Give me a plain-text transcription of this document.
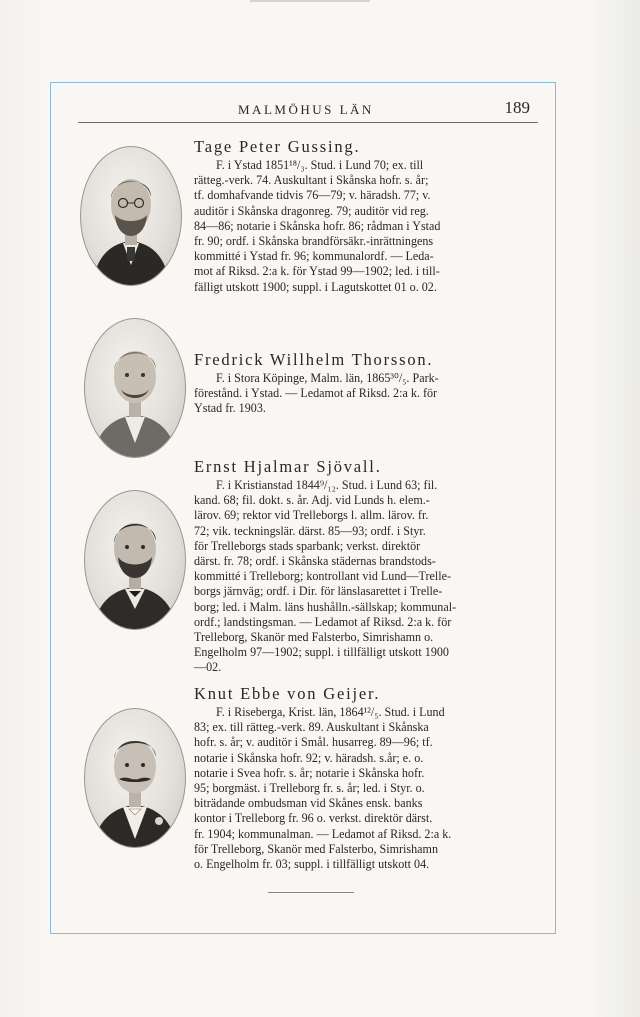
MALMÖHUS LÄN	189
Tage Peter Gussing.
F. i Ystad 1851¹⁸/₃. Stud. i Lund 70; ex. till
rätteg.-verk. 74. Auskultant i Skånska hofr. s. år;
tf. domhafvande tidvis 76—79; v. häradsh. 77; v.
auditör i Skånska dragonreg. 79; auditör vid reg.
84—86; notarie i Skånska hofr. 86; rådman i Ystad
fr. 90; ordf. i Skånska brandförsäkr.-inrättningens
kommitté i Ystad fr. 96; kommunalordf. — Leda-
mot af Riksd. 2:a k. för Ystad 99—1902; led. i till-
fälligt utskott 1900; suppl. i Lagutskottet 01 o. 02.
Fredrick Willhelm Thorsson.
F. i Stora Köpinge, Malm. län, 1865³⁰/₅. Park-
förestånd. i Ystad. — Ledamot af Riksd. 2:a k. för
Ystad fr. 1903.
Ernst Hjalmar Sjövall.
F. i Kristianstad 1844⁹/₁₂. Stud. i Lund 63; fil.
kand. 68; fil. dokt. s. år. Adj. vid Lunds h. elem.-
lärov. 69; rektor vid Trelleborgs l. allm. lärov. fr.
72; vik. teckningslär. därst. 85—93; ordf. i Styr.
för Trelleborgs stads sparbank; verkst. direktör
därst. fr. 78; ordf. i Skånska städernas brandstods-
kommitté i Trelleborg; kontrollant vid Lund—Trelle-
borgs järnväg; ordf. i Dir. för länslasarettet i Trelle-
borg; led. i Malm. läns hushålln.-sällskap; kommunal-
ordf.; landstingsman. — Ledamot af Riksd. 2:a k. för
Trelleborg, Skanör med Falsterbo, Simrishamn o.
Engelholm 97—1902; suppl. i tillfälligt utskott 1900
—02.
Knut Ebbe von Geijer.
F. i Riseberga, Krist. län, 1864¹²/₅. Stud. i Lund
83; ex. till rätteg.-verk. 89. Auskultant i Skånska
hofr. s. år; v. auditör i Smål. husarreg. 89—96; tf.
notarie i Skånska hofr. 92; v. häradsh. s.år; e. o.
notarie i Svea hofr. s. år; notarie i Skånska hofr.
95; borgmäst. i Trelleborg fr. s. år; led. i Styr. o.
biträdande ombudsman vid Skånes ensk. banks
kontor i Trelleborg fr. 96 o. verkst. direktör därst.
fr. 1904; kommunalman. — Ledamot af Riksd. 2:a k.
för Trelleborg, Skanör med Falsterbo, Simrishamn
o. Engelholm fr. 03; suppl. i tillfälligt utskott 04.
